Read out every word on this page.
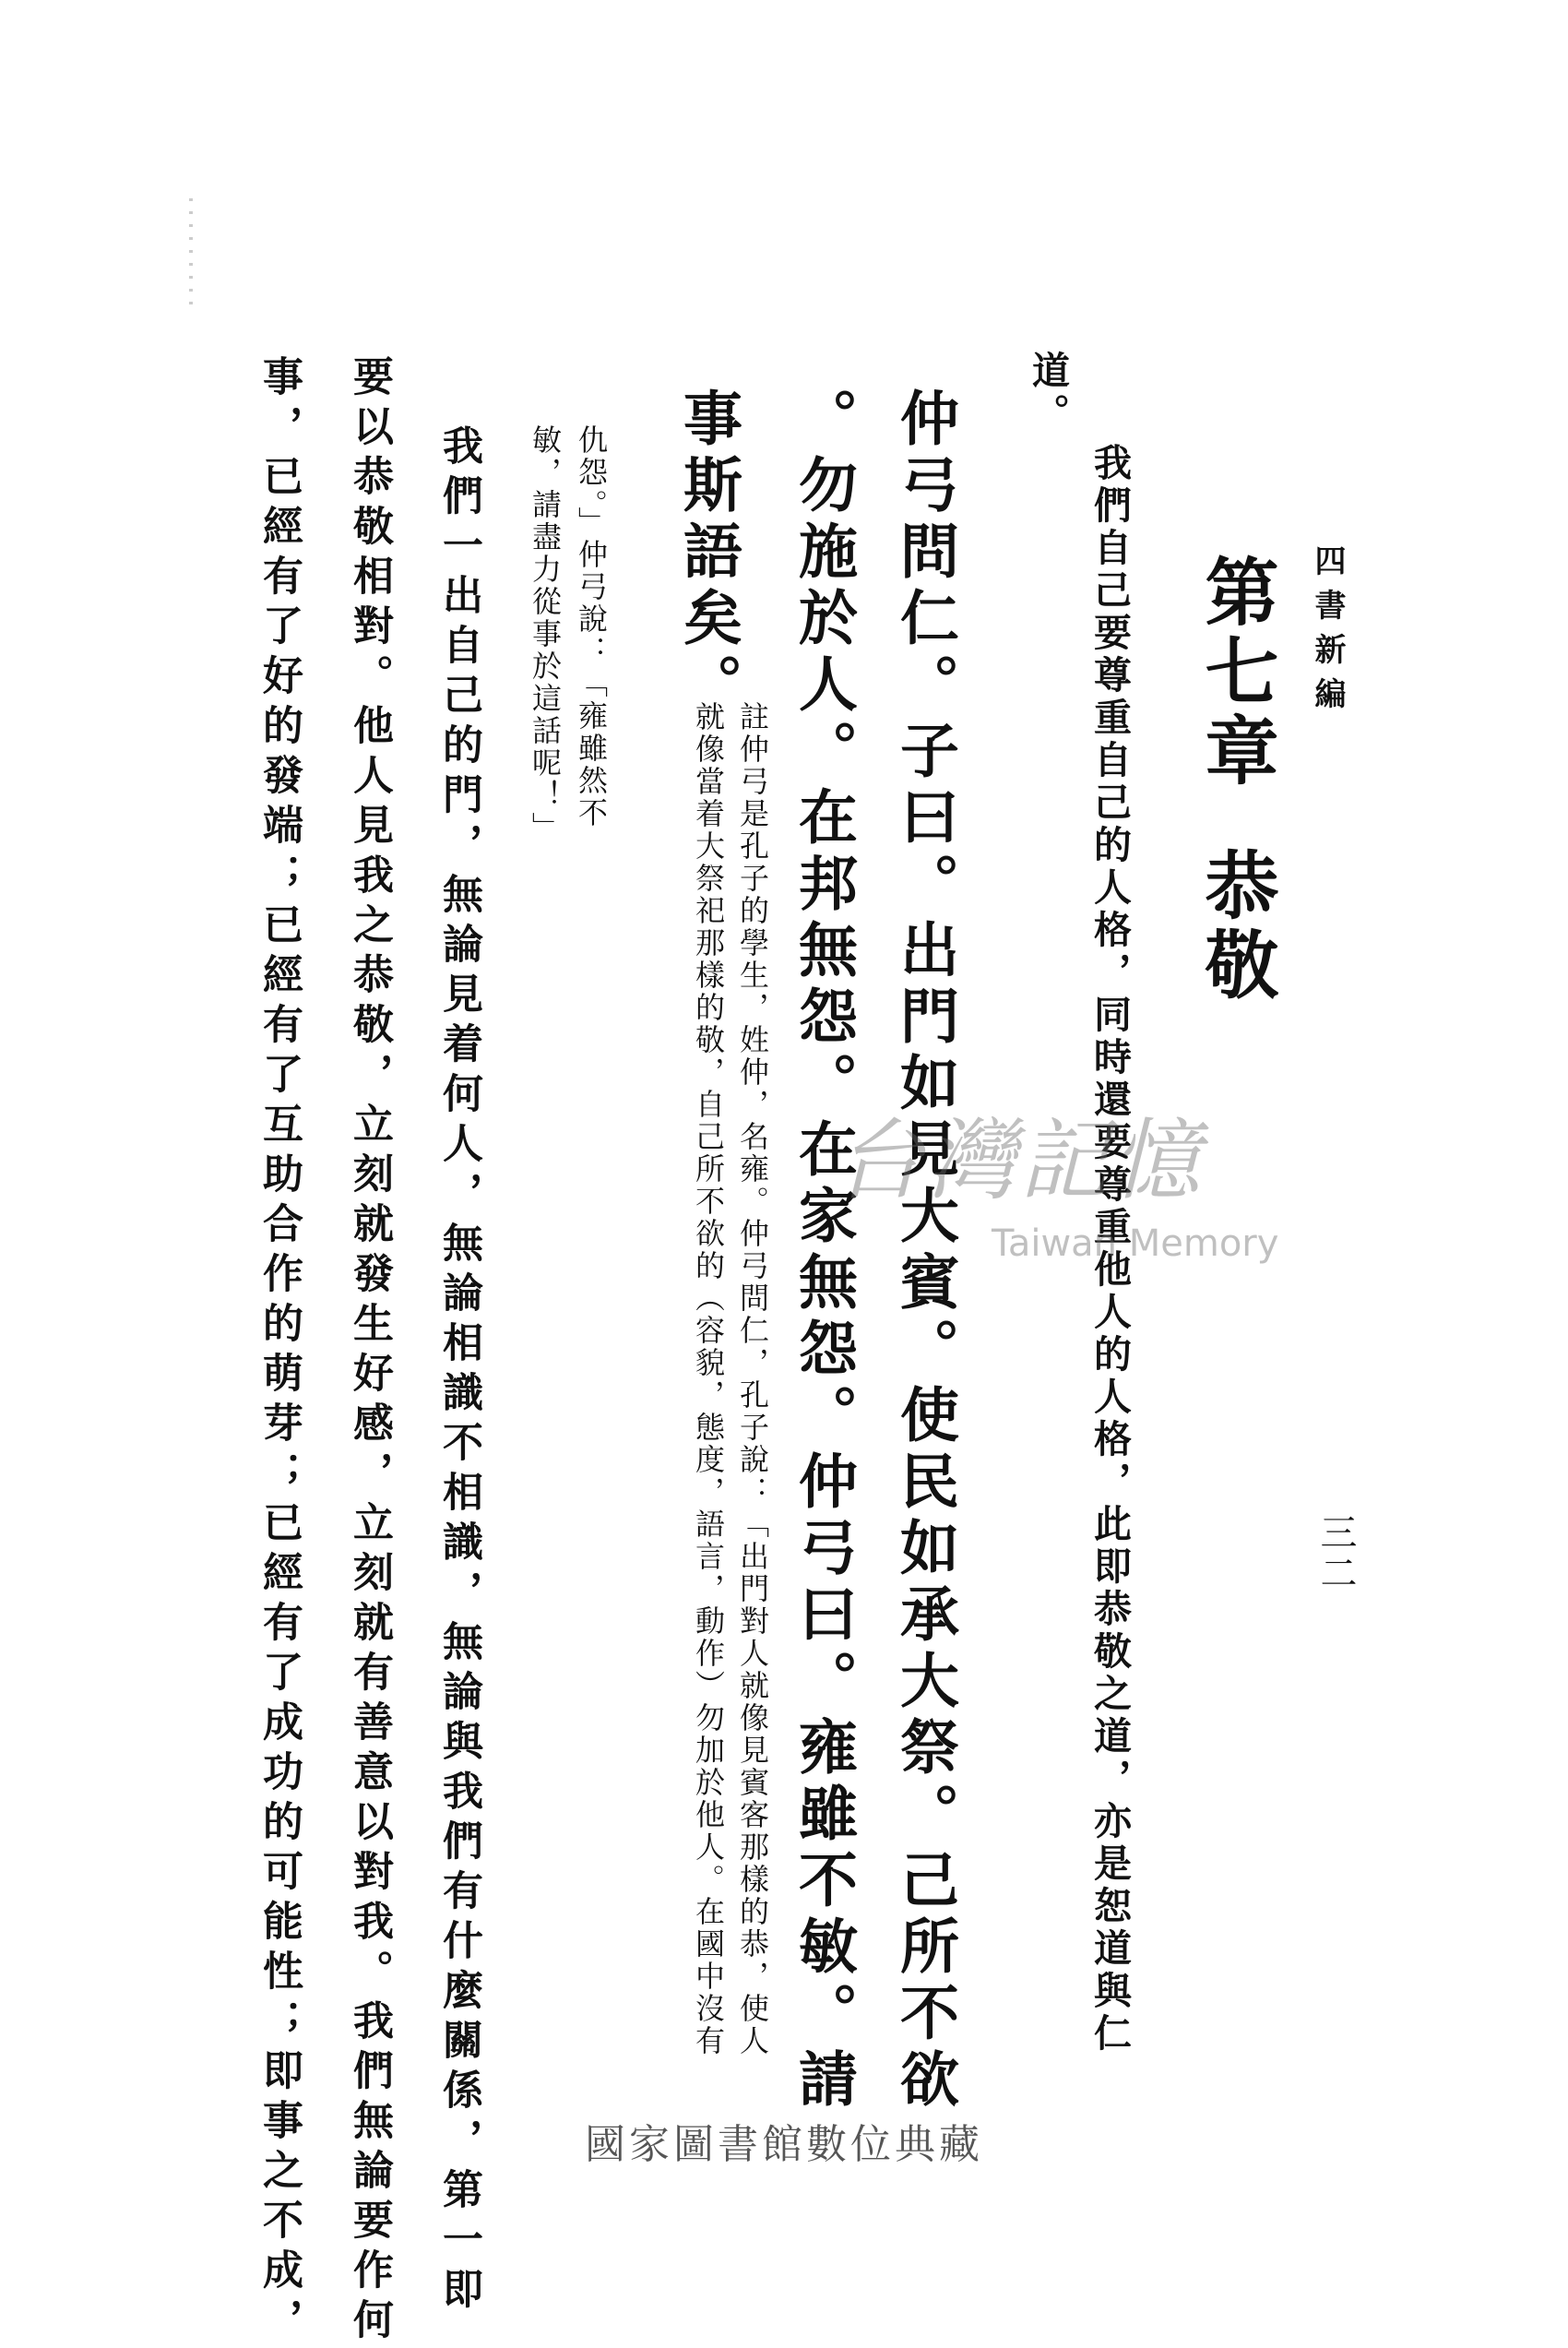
四書新編
三二
第七章恭敬
我們自己要尊重自己的人格，同時還要尊重他人的人格，此即恭敬之道，亦是恕道與仁
道。
仲弓問仁。子曰。出門如見大賓。使民如承大祭。己所不欲
。勿施於人。在邦無怨。在家無怨。仲弓曰。雍雖不敏。請
事斯語矣。
註仲弓是孔子的學生，姓仲，名雍。仲弓問仁，孔子說：「出門對人就像見賓客那樣的恭，使人
就像當着大祭祀那樣的敬，自己所不欲的（容貌，態度，語言，動作）勿加於他人。在國中沒有
仇怨。」仲弓說：「雍雖然不
敏，請盡力從事於這話呢！」
我們一出自己的門，無論見着何人，無論相識不相識，無論與我們有什麼關係，第一即
要以恭敬相對。他人見我之恭敬，立刻就發生好感，立刻就有善意以對我。我們無論要作何
事，已經有了好的發端；已經有了互助合作的萌芽；已經有了成功的可能性；即事之不成，	台灣記憶
Taiwan Memory
國家圖書館數位典藏
